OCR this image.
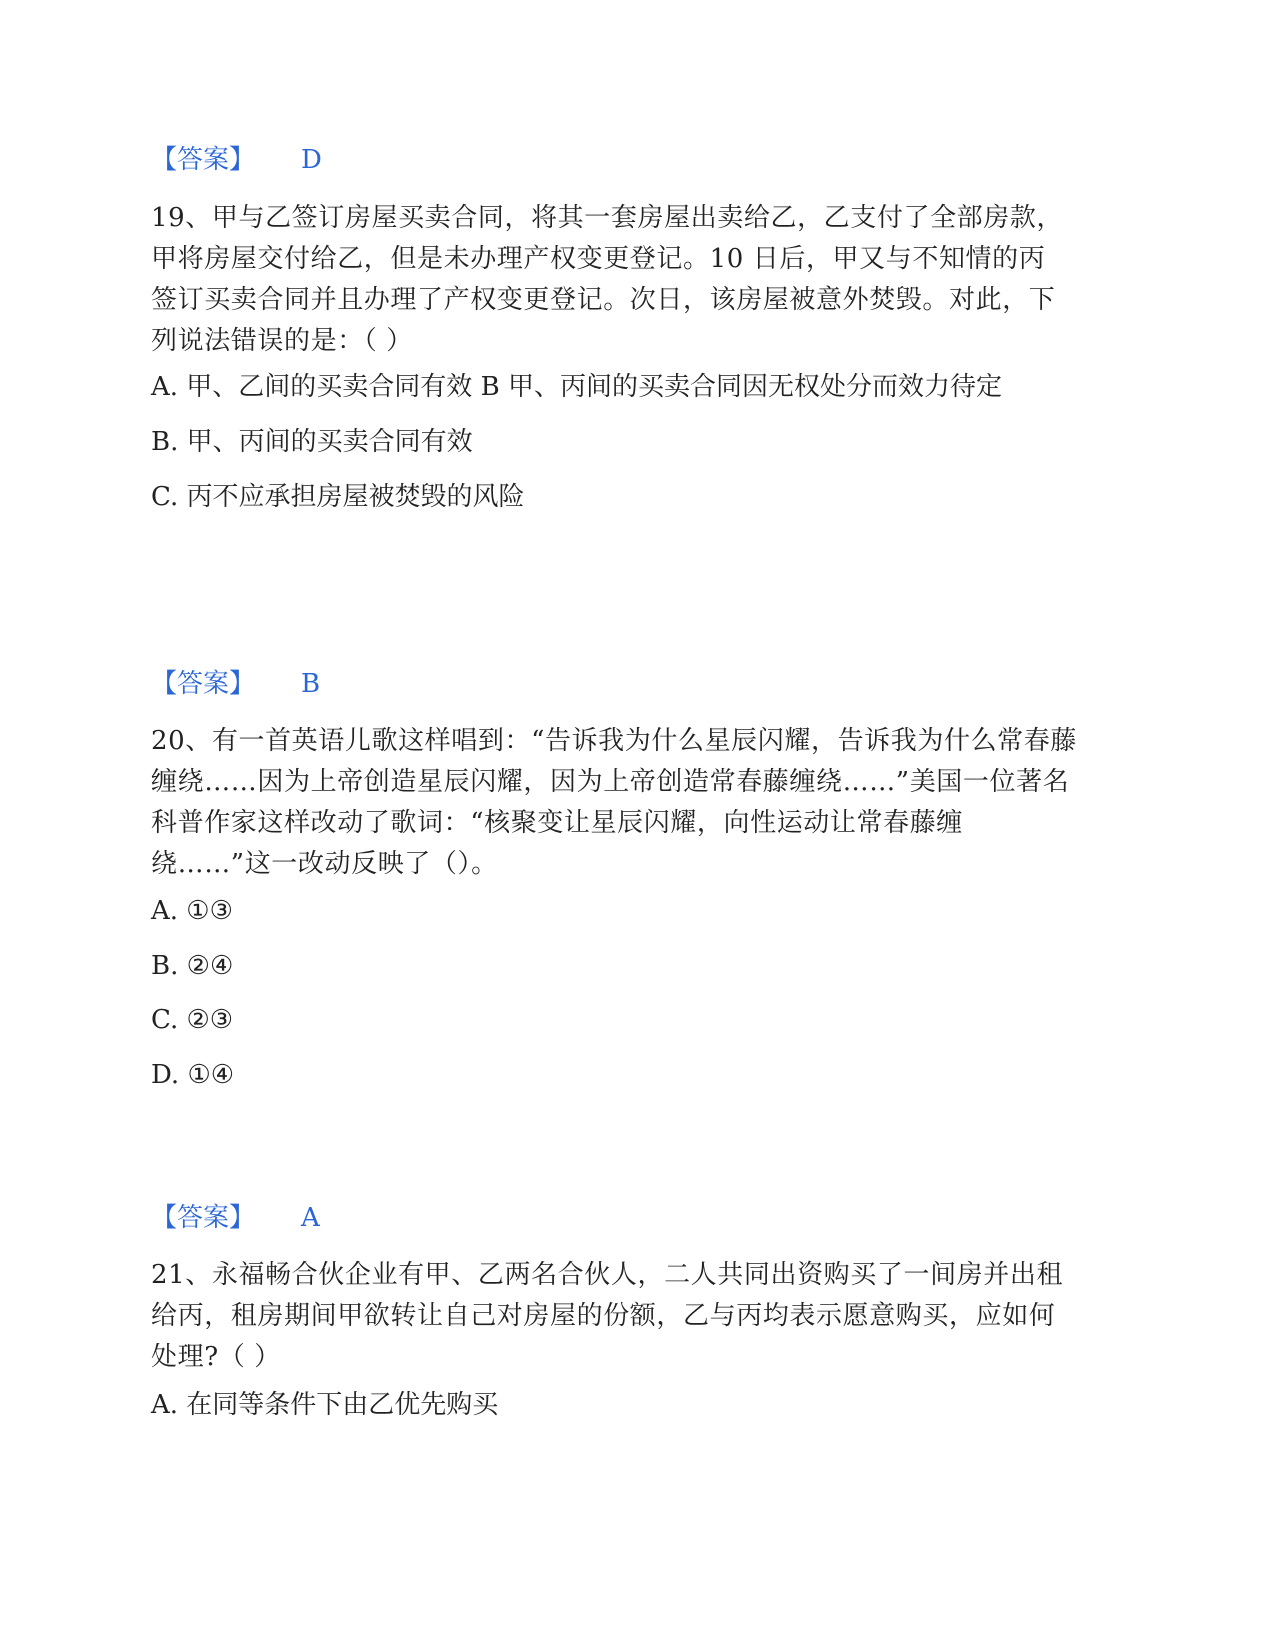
【答案】 D
19、甲与乙签订房屋买卖合同，将其一套房屋出卖给乙，乙支付了全部房款，甲将房屋交付给乙，但是未办理产权变更登记。10 日后，甲又与不知情的丙签订买卖合同并且办理了产权变更登记。次日，该房屋被意外焚毁。对此，下列说法错误的是：（ ）
A. 甲、乙间的买卖合同有效 B 甲、丙间的买卖合同因无权处分而效力待定
B. 甲、丙间的买卖合同有效
C. 丙不应承担房屋被焚毁的风险
【答案】 B
20、有一首英语儿歌这样唱到：“告诉我为什么星辰闪耀，告诉我为什么常春藤缠绕……因为上帝创造星辰闪耀，因为上帝创造常春藤缠绕……”美国一位著名科普作家这样改动了歌词：“核聚变让星辰闪耀，向性运动让常春藤缠绕……”这一改动反映了（）。
A. ①③
B. ②④
C. ②③
D. ①④
【答案】 A
21、永福畅合伙企业有甲、乙两名合伙人，二人共同出资购买了一间房并出租给丙，租房期间甲欲转让自己对房屋的份额，乙与丙均表示愿意购买，应如何处理?（ ）
A. 在同等条件下由乙优先购买
